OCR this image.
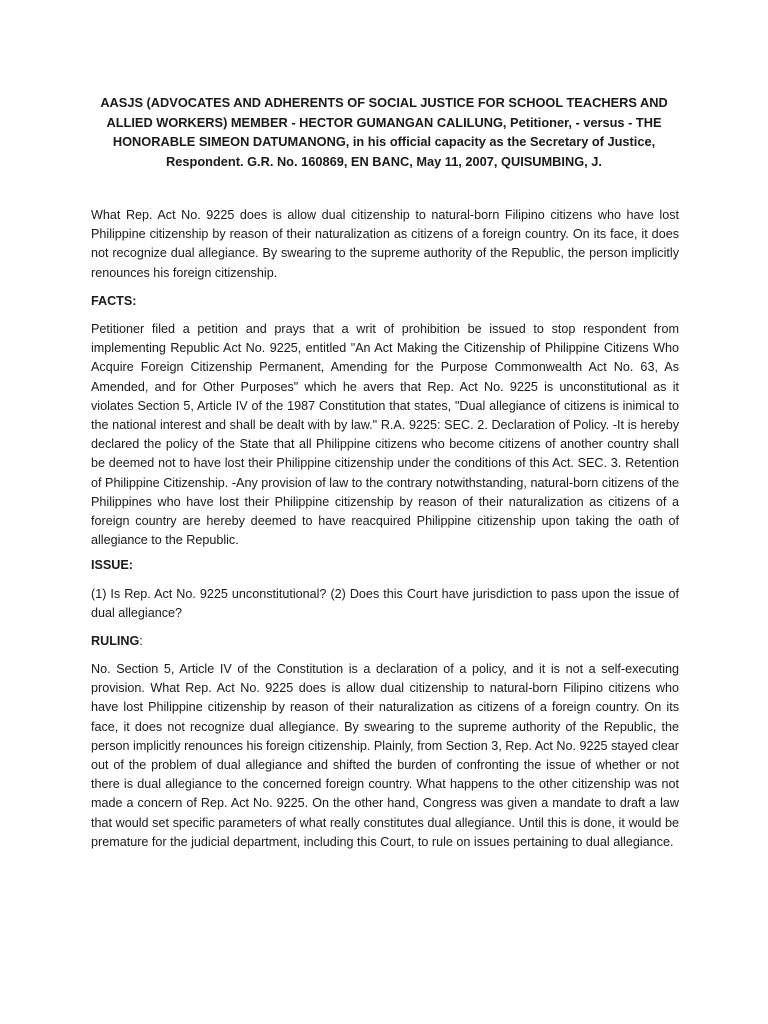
AASJS (ADVOCATES AND ADHERENTS OF SOCIAL JUSTICE FOR SCHOOL TEACHERS AND ALLIED WORKERS) MEMBER - HECTOR GUMANGAN CALILUNG, Petitioner, - versus - THE HONORABLE SIMEON DATUMANONG, in his official capacity as the Secretary of Justice, Respondent. G.R. No. 160869, EN BANC, May 11, 2007, QUISUMBING, J.

What Rep. Act No. 9225 does is allow dual citizenship to natural-born Filipino citizens who have lost Philippine citizenship by reason of their naturalization as citizens of a foreign country. On its face, it does not recognize dual allegiance. By swearing to the supreme authority of the Republic, the person implicitly renounces his foreign citizenship.

FACTS:

Petitioner filed a petition and prays that a writ of prohibition be issued to stop respondent from implementing Republic Act No. 9225, entitled "An Act Making the Citizenship of Philippine Citizens Who Acquire Foreign Citizenship Permanent, Amending for the Purpose Commonwealth Act No. 63, As Amended, and for Other Purposes" which he avers that Rep. Act No. 9225 is unconstitutional as it violates Section 5, Article IV of the 1987 Constitution that states, "Dual allegiance of citizens is inimical to the national interest and shall be dealt with by law." R.A. 9225: SEC. 2. Declaration of Policy. -It is hereby declared the policy of the State that all Philippine citizens who become citizens of another country shall be deemed not to have lost their Philippine citizenship under the conditions of this Act. SEC. 3. Retention of Philippine Citizenship. -Any provision of law to the contrary notwithstanding, natural-born citizens of the Philippines who have lost their Philippine citizenship by reason of their naturalization as citizens of a foreign country are hereby deemed to have reacquired Philippine citizenship upon taking the oath of allegiance to the Republic.

ISSUE:

(1) Is Rep. Act No. 9225 unconstitutional? (2) Does this Court have jurisdiction to pass upon the issue of dual allegiance?

RULING:

No. Section 5, Article IV of the Constitution is a declaration of a policy, and it is not a self-executing provision. What Rep. Act No. 9225 does is allow dual citizenship to natural-born Filipino citizens who have lost Philippine citizenship by reason of their naturalization as citizens of a foreign country. On its face, it does not recognize dual allegiance. By swearing to the supreme authority of the Republic, the person implicitly renounces his foreign citizenship. Plainly, from Section 3, Rep. Act No. 9225 stayed clear out of the problem of dual allegiance and shifted the burden of confronting the issue of whether or not there is dual allegiance to the concerned foreign country. What happens to the other citizenship was not made a concern of Rep. Act No. 9225. On the other hand, Congress was given a mandate to draft a law that would set specific parameters of what really constitutes dual allegiance. Until this is done, it would be premature for the judicial department, including this Court, to rule on issues pertaining to dual allegiance.
